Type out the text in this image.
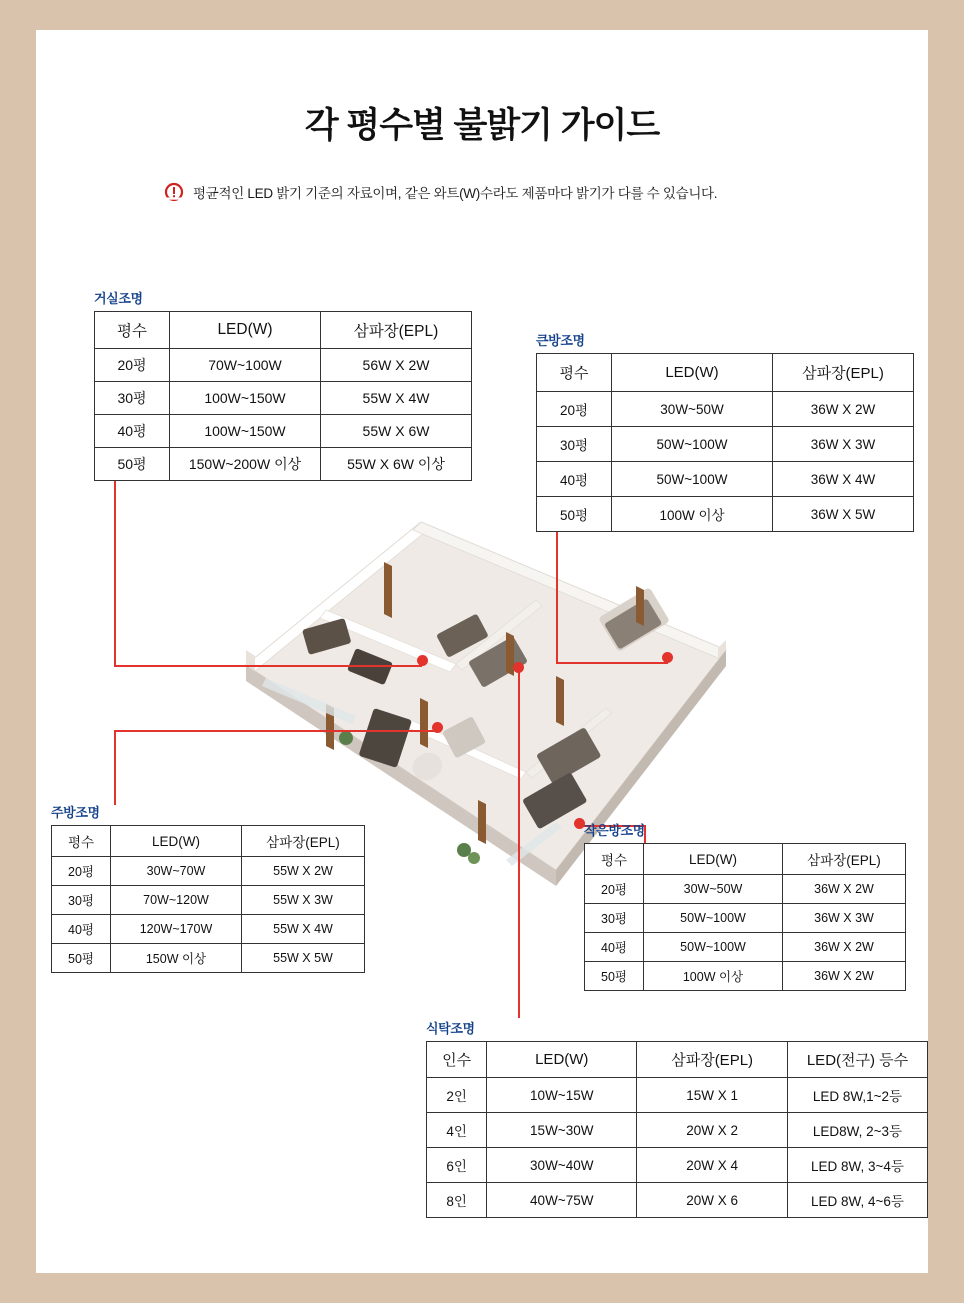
각 평수별 불밝기 가이드
평균적인 LED 밝기 기준의 자료이며, 같은 와트(W)수라도 제품마다 밝기가 다를 수 있습니다.
거실조명
평수	LED(W)	삼파장(EPL)
20평	70W~100W	56W X 2W
30평	100W~150W	55W X 4W
40평	100W~150W	55W X 6W
50평	150W~200W 이상	55W X 6W 이상
큰방조명
평수	LED(W)	삼파장(EPL)
20평	30W~50W	36W X 2W
30평	50W~100W	36W X 3W
40평	50W~100W	36W X 4W
50평	100W 이상	36W X 5W
주방조명
평수	LED(W)	삼파장(EPL)
20평	30W~70W	55W X 2W
30평	70W~120W	55W X 3W
40평	120W~170W	55W X 4W
50평	150W 이상	55W X 5W
작은방조명
평수	LED(W)	삼파장(EPL)
20평	30W~50W	36W X 2W
30평	50W~100W	36W X 3W
40평	50W~100W	36W X 2W
50평	100W 이상	36W X 2W
식탁조명
인수	LED(W)	삼파장(EPL)	LED(전구) 등수
2인	10W~15W	15W X 1	LED 8W,1~2등
4인	15W~30W	20W X 2	LED8W, 2~3등
6인	30W~40W	20W X 4	LED 8W, 3~4등
8인	40W~75W	20W X 6	LED 8W, 4~6등
